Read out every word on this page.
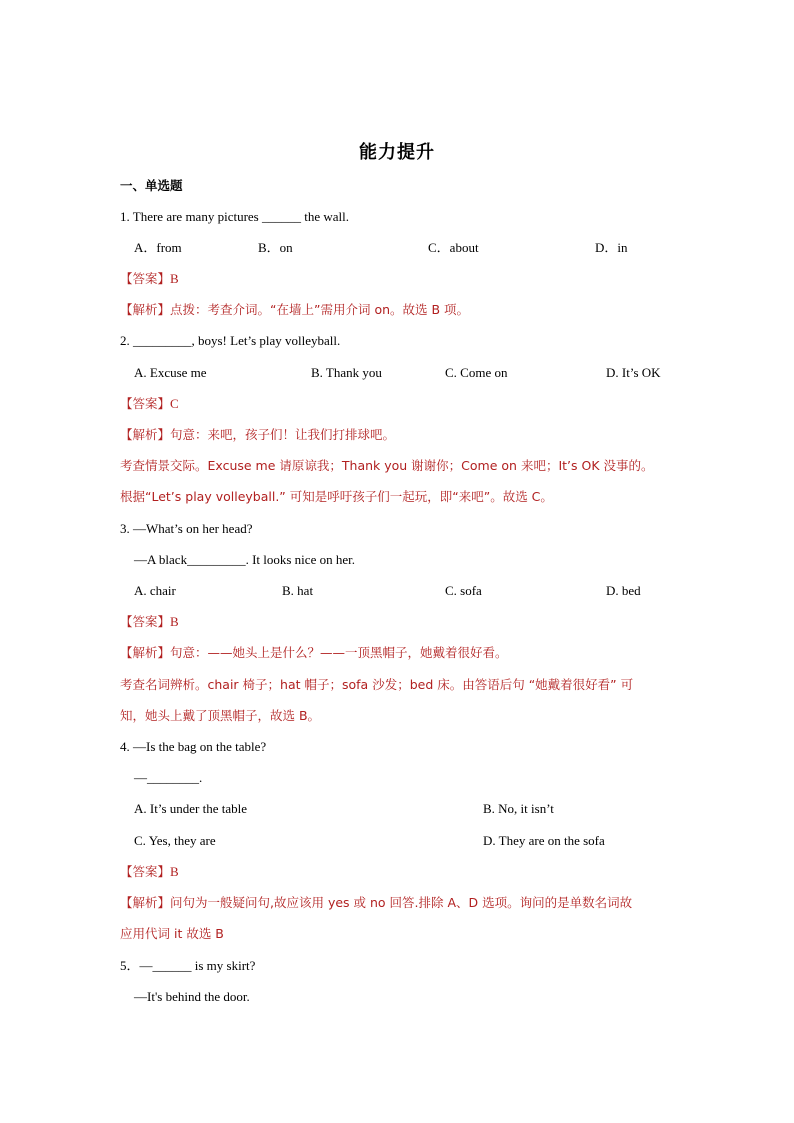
能力提升
一、单选题
1. There are many pictures ______ the wall.
A．from	B．on	C．about	D．in
【答案】B
【解析】点拨：考查介词。“在墙上”需用介词 on。故选 B 项。
2. _________, boys! Let’s play volleyball.
A. Excuse me	B. Thank you	C. Come on	D. It’s OK
【答案】C
【解析】句意：来吧，孩子们！让我们打排球吧。
考查情景交际。Excuse me 请原谅我；Thank you 谢谢你；Come on 来吧；It’s OK 没事的。
根据“Let’s play volleyball.” 可知是呼吁孩子们一起玩，即“来吧”。故选 C。
3. —What’s on her head?
—A black_________. It looks nice on her.
A. chair	B. hat	C. sofa	D. bed
【答案】B
【解析】句意：——她头上是什么？——一顶黑帽子，她戴着很好看。
考查名词辨析。chair 椅子；hat 帽子；sofa 沙发；bed 床。由答语后句 “她戴着很好看” 可
知，她头上戴了顶黑帽子，故选 B。
4. —Is the bag on the table?
—________.
A. It’s under the table	B. No, it isn’t
C. Yes, they are	D. They are on the sofa
【答案】B
【解析】问句为一般疑问句,故应该用 yes 或 no 回答.排除 A、D 选项。询问的是单数名词故
应用代词 it 故选 B
5．—______ is my skirt?
—It's behind the door.
